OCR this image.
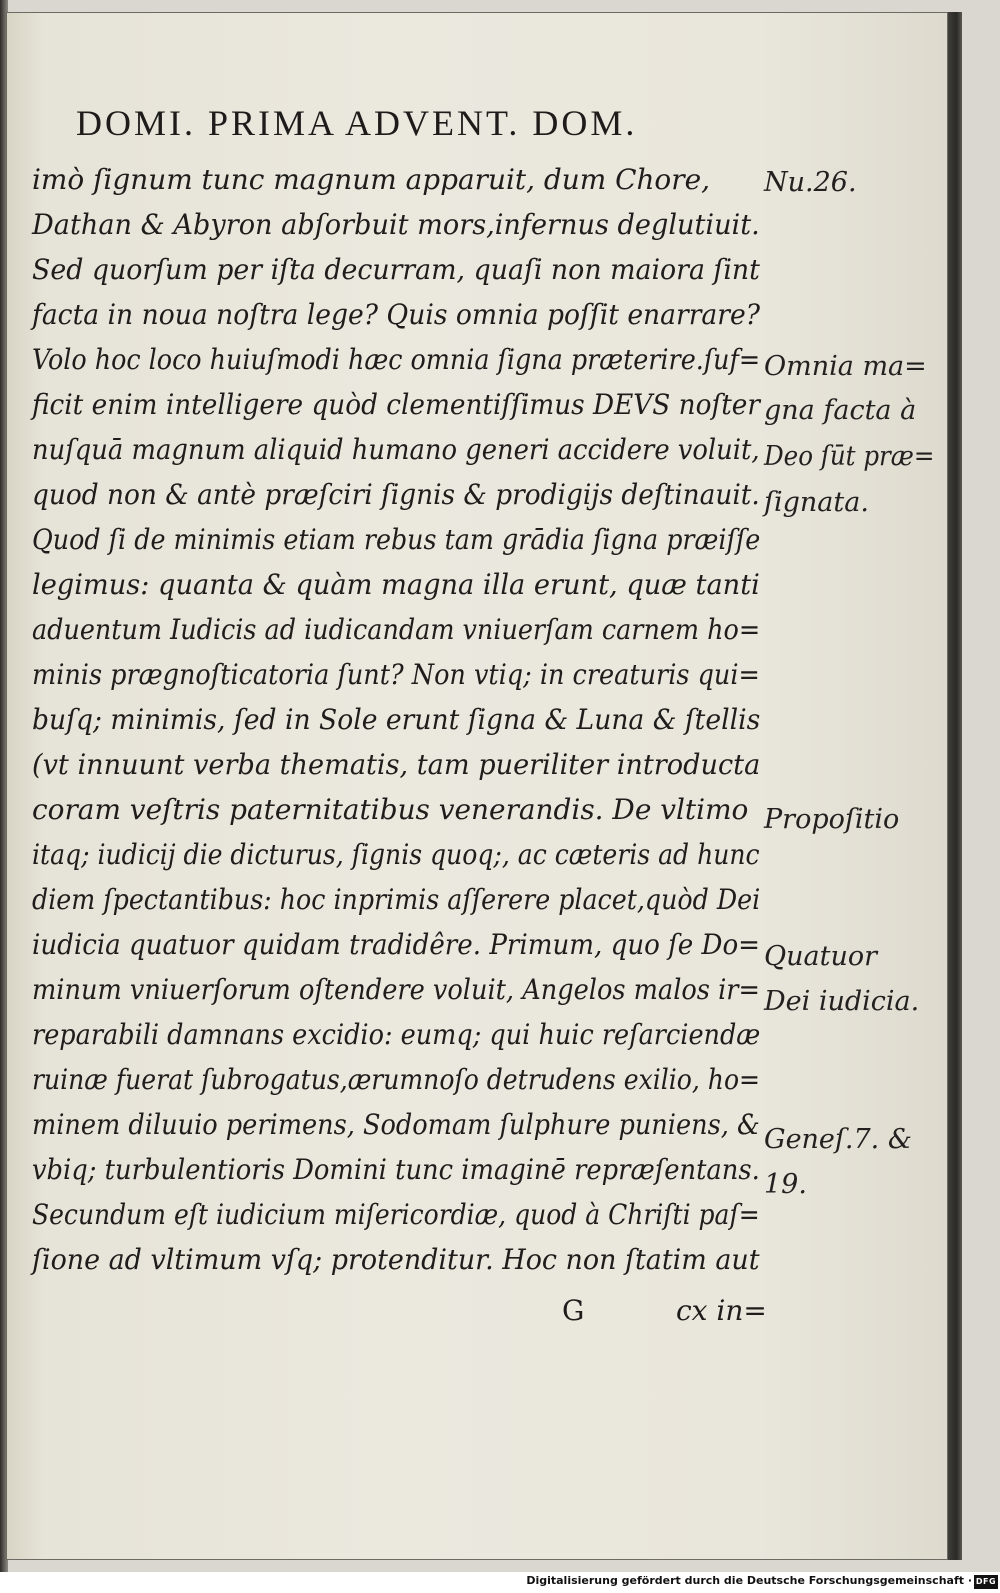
DOMI. PRIMA ADVENT. DOM.
imò ſignum tunc magnum apparuit, dum Chore,
Dathan & Abyron abſorbuit mors,infernus deglutiuit.
Sed quorſum per iſta decurram, quaſi non maiora ſint
facta in noua noſtra lege? Quis omnia poſſit enarrare?
Volo hoc loco huiuſmodi hæc omnia ſigna præterire.ſuf=
ficit enim intelligere quòd clementiſſimus DEVS noſter
nuſquā magnum aliquid humano generi accidere voluit,
quod non & antè præſciri ſignis & prodigijs deſtinauit.
Quod ſi de minimis etiam rebus tam grādia ſigna præiſſe
legimus: quanta & quàm magna illa erunt, quæ tanti
aduentum Iudicis ad iudicandam vniuerſam carnem ho=
minis prægnoſticatoria ſunt? Non vtiq; in creaturis qui=
buſq; minimis, ſed in Sole erunt ſigna & Luna & ſtellis
(vt innuunt verba thematis, tam pueriliter introducta
coram veſtris paternitatibus venerandis. De vltimo
itaq; iudicij die dicturus, ſignis quoq;, ac cæteris ad hunc
diem ſpectantibus: hoc inprimis aſſerere placet,quòd Dei
iudicia quatuor quidam tradidêre. Primum, quo ſe Do=
minum vniuerſorum oſtendere voluit, Angelos malos ir=
reparabili damnans excidio: eumq; qui huic reſarciendæ
ruinæ fuerat ſubrogatus,ærumnoſo detrudens exilio, ho=
minem diluuio perimens, Sodomam ſulphure puniens, &
vbiq; turbulentioris Domini tunc imaginē repræſentans.
Secundum eſt iudicium miſericordiæ, quod à Chriſti paſ=
ſione ad vltimum vſq; protenditur. Hoc non ſtatim aut
Nu.26.
Omnia ma=
gna facta à
Deo ſūt præ=
ſignata.
Propoſitio
Quatuor
Dei iudicia.
Geneſ.7. &
19.
G	cx in=
Digitalisierung gefördert durch die Deutsche Forschungsgemeinschaft · DFG
